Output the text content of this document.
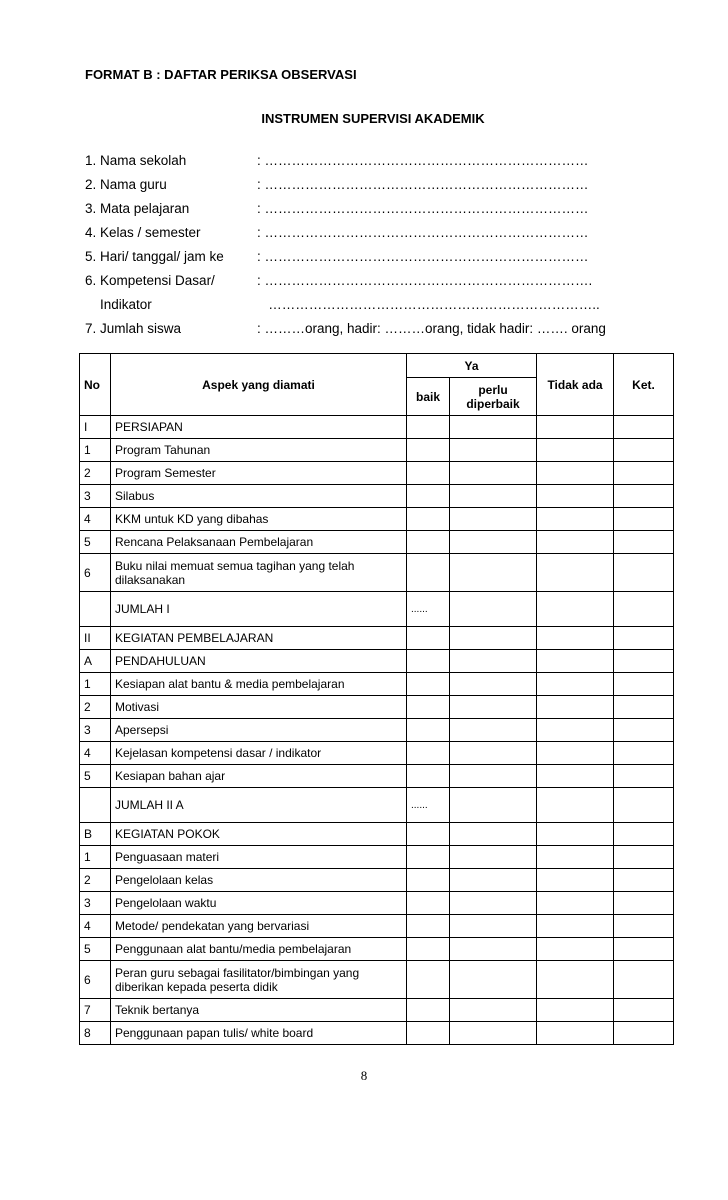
FORMAT B : DAFTAR PERIKSA OBSERVASI
INSTRUMEN SUPERVISI AKADEMIK
1. Nama sekolah	: ………………………………………………………………
2. Nama guru	: ………………………………………………………………
3. Mata pelajaran	: ………………………………………………………………
4. Kelas / semester	: ………………………………………………………………
5. Hari/ tanggal/ jam ke : ………………………………………………………………
6. Kompetensi Dasar/	: ……………………………………………………………….
Indikator	………………………………………………………………..
7. Jumlah siswa	: ………orang, hadir: ………orang, tidak hadir: ……. orang
No	Aspek yang diamati	Ya		Tidak ada	Ket.
		baik	perlu diperbaik		
I	PERSIAPAN				
1	Program Tahunan				
2	Program Semester				
3	Silabus				
4	KKM untuk KD yang dibahas				
5	Rencana Pelaksanaan Pembelajaran				
6	Buku nilai memuat semua tagihan yang telah dilaksanakan				
	JUMLAH I	......			
II	KEGIATAN PEMBELAJARAN				
A	PENDAHULUAN				
1	Kesiapan alat bantu & media pembelajaran				
2	Motivasi				
3	Apersepsi				
4	Kejelasan kompetensi dasar / indikator				
5	Kesiapan bahan ajar				
	JUMLAH II A	......			
B	KEGIATAN POKOK				
1	Penguasaan materi				
2	Pengelolaan kelas				
3	Pengelolaan waktu				
4	Metode/ pendekatan yang bervariasi				
5	Penggunaan alat bantu/media pembelajaran				
6	Peran guru sebagai fasilitator/bimbingan yang diberikan kepada peserta didik				
7	Teknik bertanya				
8	Penggunaan papan tulis/ white board				
8
